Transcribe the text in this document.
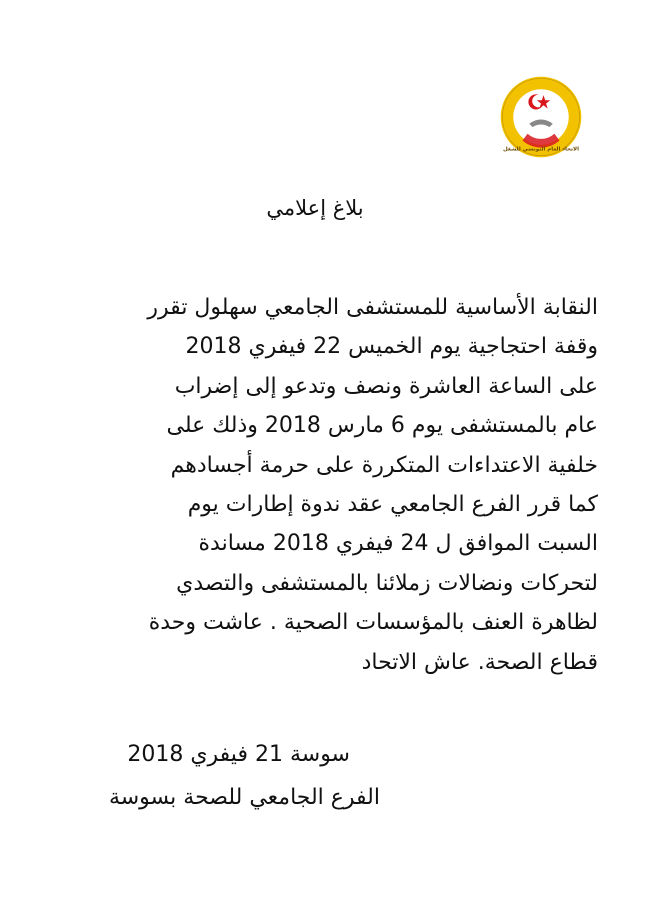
الاتحاد العام التونسي للشغل
بلاغ إعلامي
النقابة الأساسية للمستشفى الجامعي سهلول تقرر
وقفة احتجاجية يوم الخميس 22 فيفري 2018
على الساعة العاشرة ونصف وتدعو إلى إضراب
عام بالمستشفى يوم 6 مارس 2018 وذلك على
خلفية الاعتداءات المتكررة على حرمة أجسادهم
كما قرر الفرع الجامعي عقد ندوة إطارات يوم
السبت الموافق ل 24 فيفري 2018 مساندة
لتحركات ونضالات زملائنا بالمستشفى والتصدي
لظاهرة العنف بالمؤسسات الصحية . عاشت وحدة
قطاع الصحة. عاش الاتحاد
سوسة 21 فيفري 2018
الفرع الجامعي للصحة بسوسة
